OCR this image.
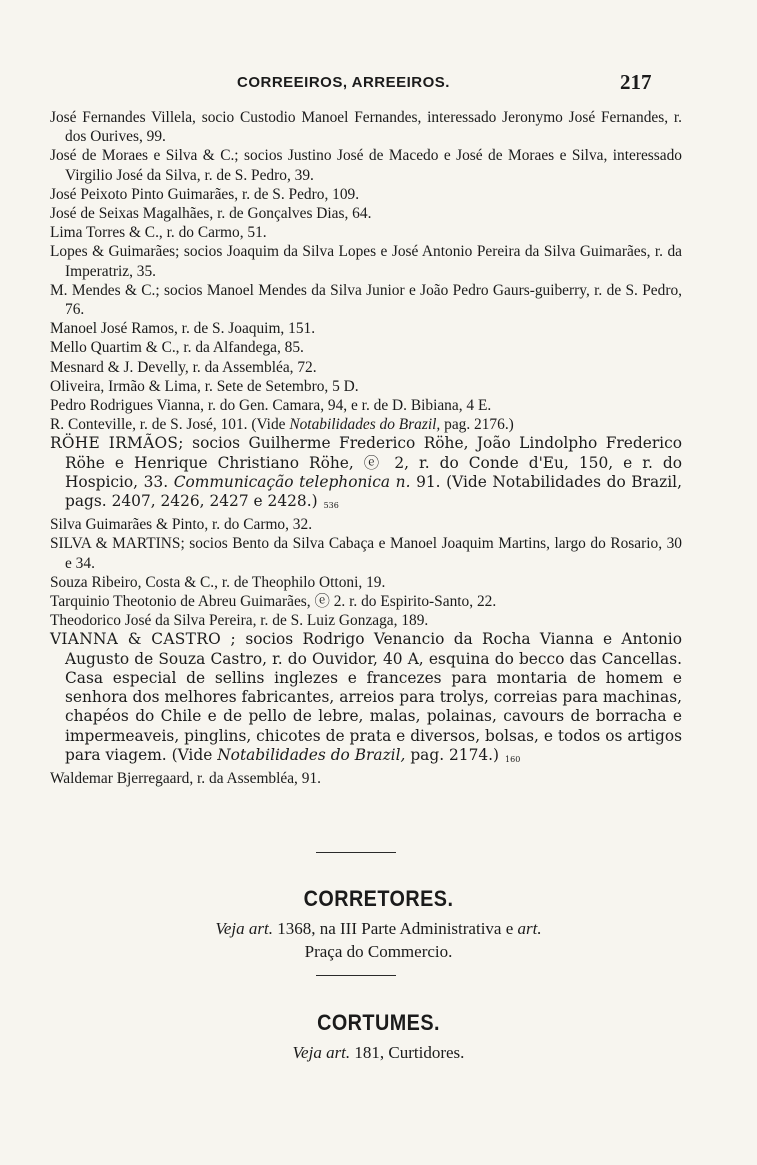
CORREEIROS, ARREEIROS.	217

José Fernandes Villela, socio Custodio Manoel Fernandes, interessado Jeronymo José Fernandes, r. dos Ourives, 99.

José de Moraes e Silva & C.; socios Justino José de Macedo e José de Moraes e Silva, interessado Virgilio José da Silva, r. de S. Pedro, 39.

José Peixoto Pinto Guimarães, r. de S. Pedro, 109.

José de Seixas Magalhães, r. de Gonçalves Dias, 64.

Lima Torres & C., r. do Carmo, 51.

Lopes & Guimarães; socios Joaquim da Silva Lopes e José Antonio Pereira da Silva Guimarães, r. da Imperatriz, 35.

M. Mendes & C.; socios Manoel Mendes da Silva Junior e João Pedro Gaurs-guiberry, r. de S. Pedro, 76.

Manoel José Ramos, r. de S. Joaquim, 151.

Mello Quartim & C., r. da Alfandega, 85.

Mesnard & J. Develly, r. da Assembléa, 72.

Oliveira, Irmão & Lima, r. Sete de Setembro, 5 D.

Pedro Rodrigues Vianna, r. do Gen. Camara, 94, e r. de D. Bibiana, 4 E.

R. Conteville, r. de S. José, 101. (Vide Notabilidades do Brazil, pag. 2176.)

RÖHE IRMÃOS; socios Guilherme Frederico Röhe, João Lindolpho Frederico Röhe e Henrique Christiano Röhe, ⓔ 2, r. do Conde d'Eu, 150, e r. do Hospicio, 33. Communicação telephonica n. 91. (Vide Notabilidades do Brazil, pags. 2407, 2426, 2427 e 2428.) 536

Silva Guimarães & Pinto, r. do Carmo, 32.

SILVA & MARTINS; socios Bento da Silva Cabaça e Manoel Joaquim Martins, largo do Rosario, 30 e 34.

Souza Ribeiro, Costa & C., r. de Theophilo Ottoni, 19.

Tarquinio Theotonio de Abreu Guimarães, ⓔ 2. r. do Espirito-Santo, 22.

Theodorico José da Silva Pereira, r. de S. Luiz Gonzaga, 189.

VIANNA & CASTRO ; socios Rodrigo Venancio da Rocha Vianna e Antonio Augusto de Souza Castro, r. do Ouvidor, 40 A, esquina do becco das Cancellas. Casa especial de sellins inglezes e francezes para montaria de homem e senhora dos melhores fabricantes, arreios para trolys, correias para machinas, chapéos do Chile e de pello de lebre, malas, polainas, cavours de borracha e impermeaveis, pinglins, chicotes de prata e diversos, bolsas, e todos os artigos para viagem. (Vide Notabilidades do Brazil, pag. 2174.) 160

Waldemar Bjerregaard, r. da Assembléa, 91.

CORRETORES.
Veja art. 1368, na III Parte Administrativa e art.
Praça do Commercio.
CORTUMES.
Veja art. 181, Curtidores.
